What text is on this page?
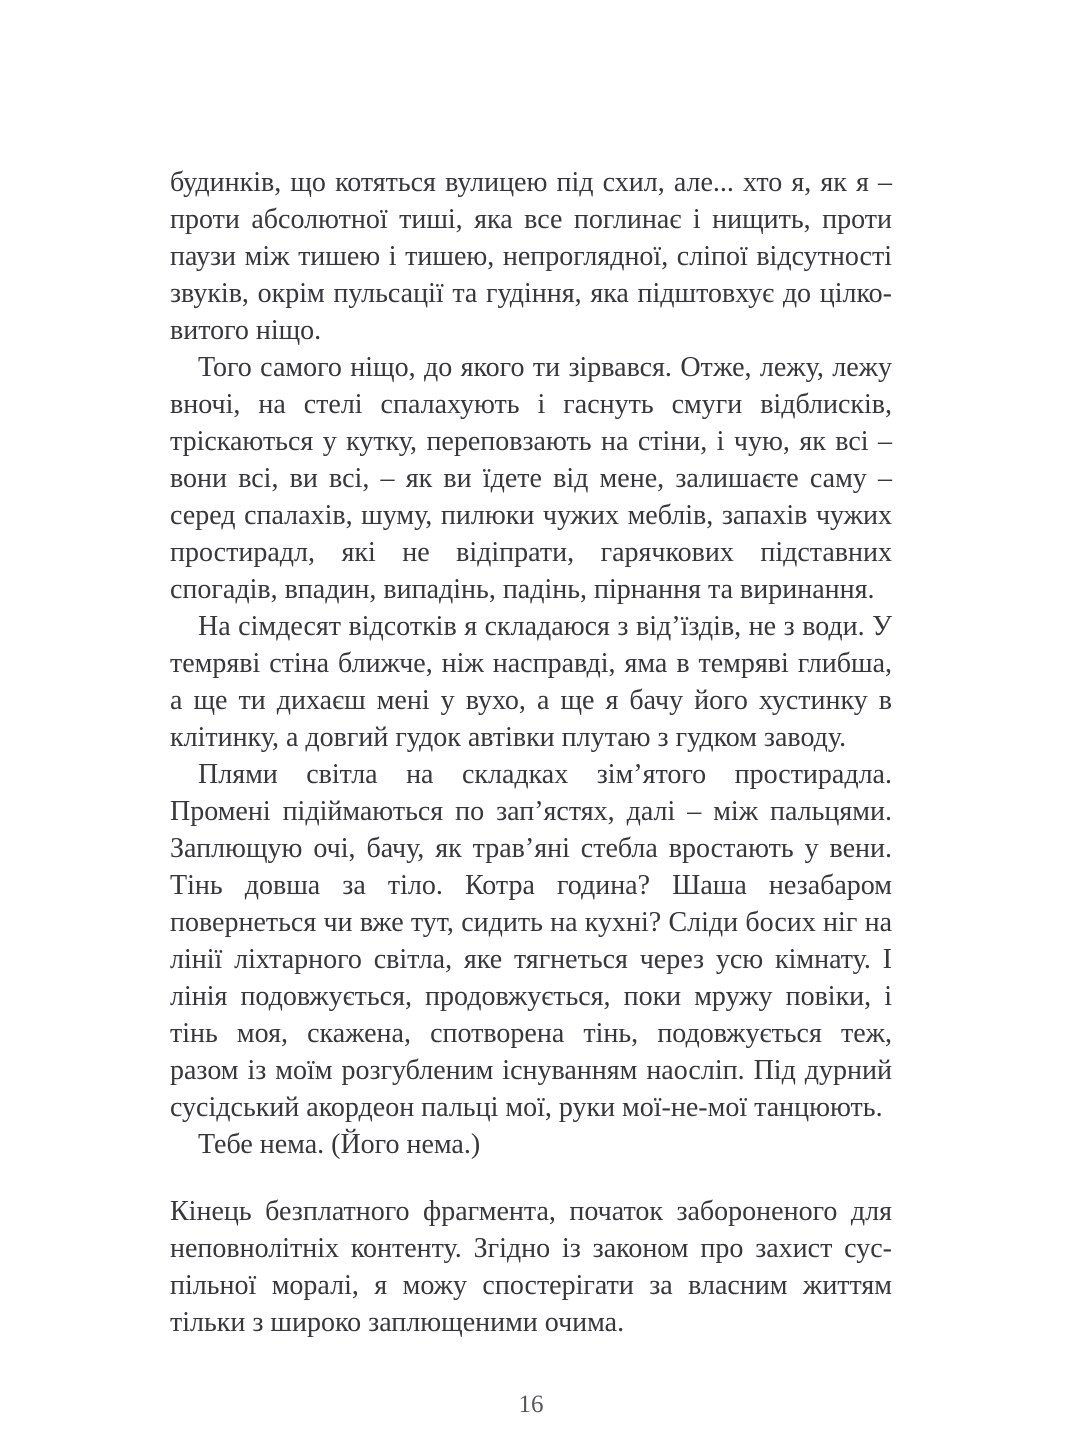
будинків, що котяться вулицею під схил, але... хто я, як я – проти абсолютної тиші, яка все поглинає і нищить, проти паузи між тишею і тишею, непроглядної, сліпої відсутності звуків, окрім пульсації та гудіння, яка підштовхує до цілковитого ніщо.

Того самого ніщо, до якого ти зірвався. Отже, лежу, лежу вночі, на стелі спалахують і гаснуть смуги відблисків, тріскаються у кутку, переповзають на стіни, і чую, як всі – вони всі, ви всі, – як ви їдете від мене, залишаєте саму – серед спалахів, шуму, пилюки чужих меблів, запахів чужих простирадл, які не відіпрати, гарячкових підставних спогадів, впадин, випадінь, падінь, пірнання та виринання.

На сімдесят відсотків я складаюся з від’їздів, не з води. У темряві стіна ближче, ніж насправді, яма в темряві глибша, а ще ти дихаєш мені у вухо, а ще я бачу його хустинку в клітинку, а довгий гудок автівки плутаю з гудком заводу.

Плями світла на складках зім’ятого простирадла. Промені підіймаються по зап’ястях, далі – між пальцями. Заплющую очі, бачу, як трав’яні стебла вростають у вени. Тінь довша за тіло. Котра година? Шаша незабаром повернеться чи вже тут, сидить на кухні? Сліди босих ніг на лінії ліхтарного світла, яке тягнеться через усю кімнату. І лінія подовжується, продовжується, поки мружу повіки, і тінь моя, скажена, спотворена тінь, подовжується теж, разом із моїм розгубленим існуванням наосліп. Під дурний сусідський акордеон пальці мої, руки мої-не-мої танцюють.

Тебе нема. (Його нема.)

Кінець безплатного фрагмента, початок забороненого для неповнолітніх контенту. Згідно із законом про захист суспільної моралі, я можу спостерігати за власним життям тільки з широко заплющеними очима.

16
